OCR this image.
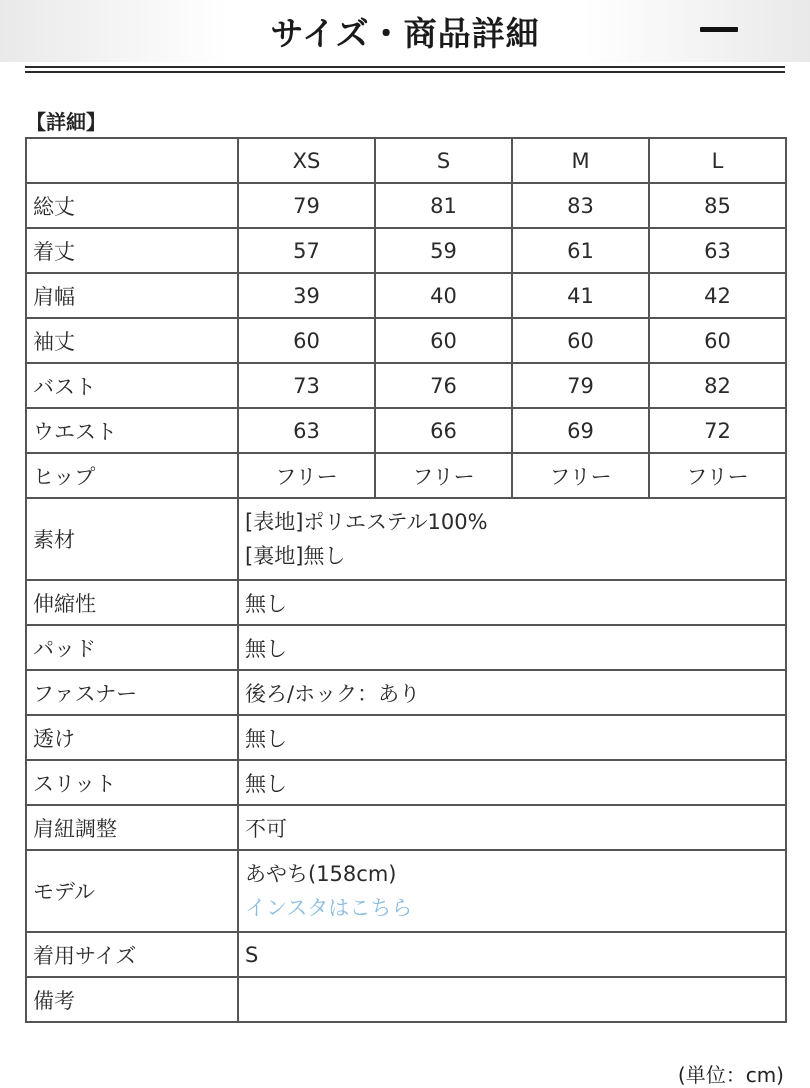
サイズ・商品詳細
【詳細】
	XS	S	M	L
総丈	79	81	83	85
着丈	57	59	61	63
肩幅	39	40	41	42
袖丈	60	60	60	60
バスト	73	76	79	82
ウエスト	63	66	69	72
ヒップ	フリー	フリー	フリー	フリー
素材	[表地]ポリエステル100%
[裏地]無し			

伸縮性	無し			
パッド	無し			
ファスナー	後ろ/ホック：あり			
透け	無し			
スリット	無し			
肩紐調整	不可			
モデル	あやち(158cm)
インスタはこちら			

着用サイズ	S			
備考				
(単位：cm)
